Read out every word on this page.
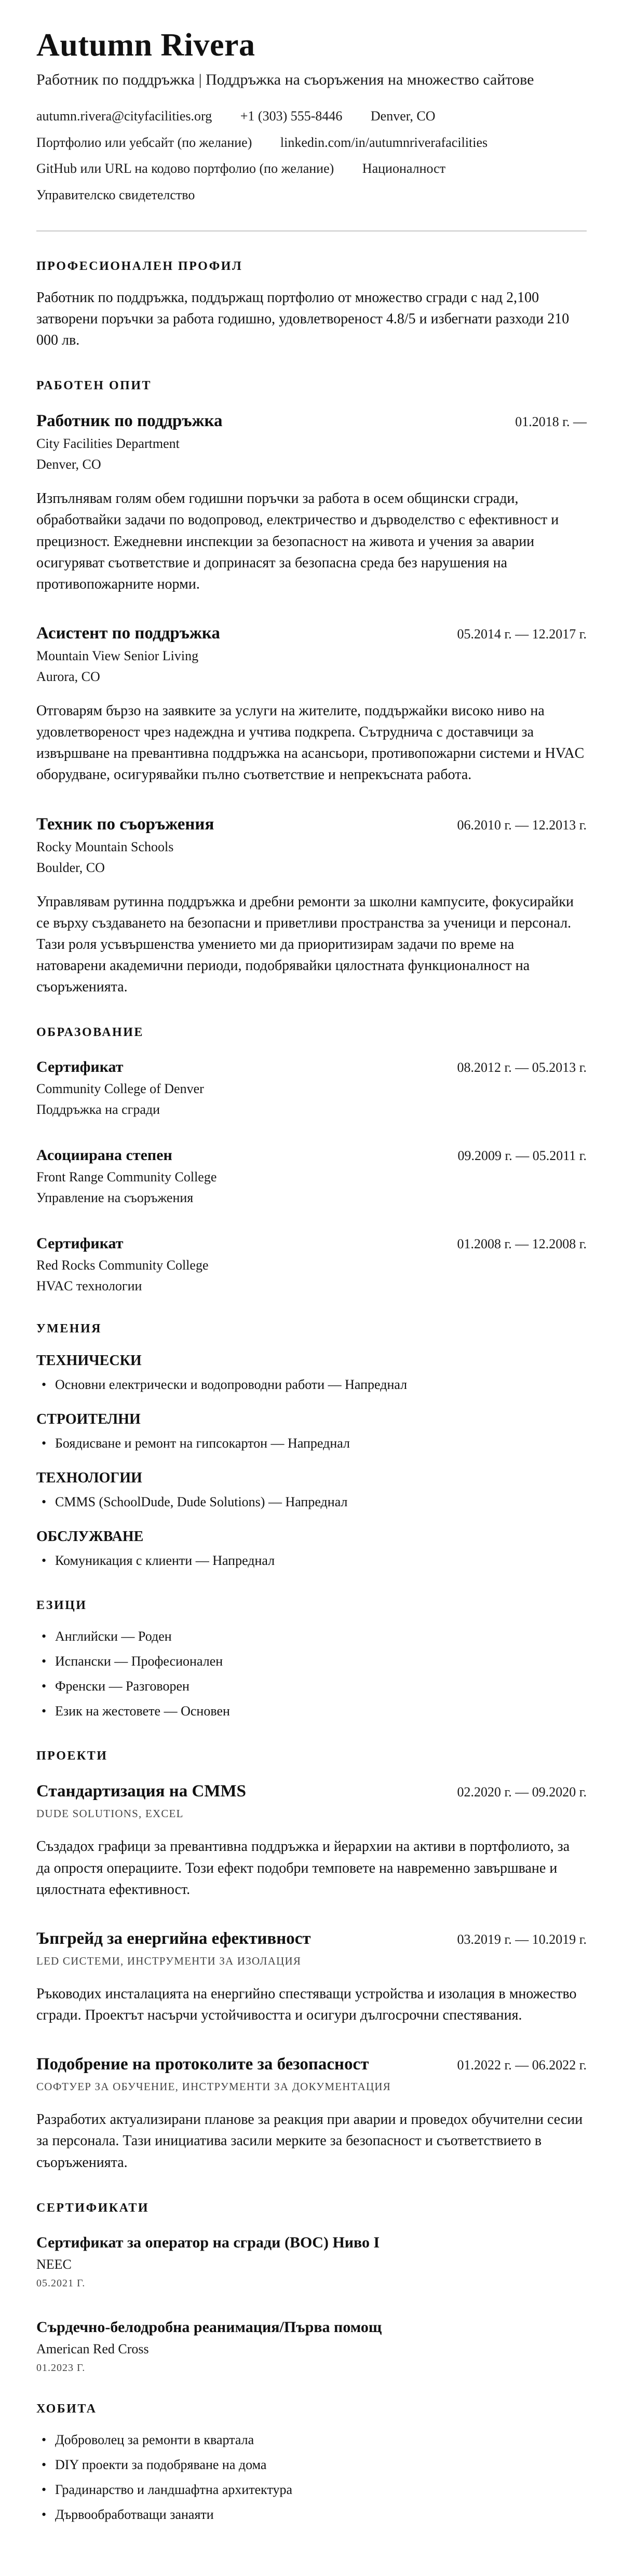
Autumn Rivera
Работник по поддръжка | Поддръжка на съоръжения на множество сайтове
autumn.rivera@cityfacilities.org +1 (303) 555-8446 Denver, CO
Портфолио или уебсайт (по желание) linkedin.com/in/autumnriverafacilities
GitHub или URL на кодово портфолио (по желание) Националност
Управителско свидетелство
ПРОФЕСИОНАЛЕН ПРОФИЛ

Работник по поддръжка, поддържащ портфолио от множество сгради с над 2,100 затворени поръчки за работа годишно, удовлетвореност 4.8/5 и избегнати разходи 210 000 лв.

РАБОТЕН ОПИТ
Работник по поддръжка	01.2018 г. —
City Facilities Department
Denver, CO

Изпълнявам голям обем годишни поръчки за работа в осем общински сгради, обработвайки задачи по водопровод, електричество и дърводелство с ефективност и прецизност. Ежедневни инспекции за безопасност на живота и учения за аварии осигуряват съответствие и допринасят за безопасна среда без нарушения на противопожарните норми.

Асистент по поддръжка	05.2014 г. — 12.2017 г.
Mountain View Senior Living
Aurora, CO

Отговарям бързо на заявките за услуги на жителите, поддържайки високо ниво на удовлетвореност чрез надеждна и учтива подкрепа. Сътруднича с доставчици за извършване на превантивна поддръжка на асансьори, противопожарни системи и HVAC оборудване, осигурявайки пълно съответствие и непрекъсната работа.

Техник по съоръжения	06.2010 г. — 12.2013 г.
Rocky Mountain Schools
Boulder, CO

Управлявам рутинна поддръжка и дребни ремонти за школни кампусите, фокусирайки се върху създаването на безопасни и приветливи пространства за ученици и персонал. Тази роля усъвършенства умението ми да приоритизирам задачи по време на натоварени академични периоди, подобрявайки цялостната функционалност на съоръженията.

ОБРАЗОВАНИЕ
Сертификат	08.2012 г. — 05.2013 г.
Community College of Denver
Поддръжка на сгради
Асоциирана степен	09.2009 г. — 05.2011 г.
Front Range Community College
Управление на съоръжения
Сертификат	01.2008 г. — 12.2008 г.
Red Rocks Community College
HVAC технологии
УМЕНИЯ
ТЕХНИЧЕСКИ
• Основни електрически и водопроводни работи — Напреднал
СТРОИТЕЛНИ
• Боядисване и ремонт на гипсокартон — Напреднал
ТЕХНОЛОГИИ
• CMMS (SchoolDude, Dude Solutions) — Напреднал
ОБСЛУЖВАНЕ
• Комуникация с клиенти — Напреднал
ЕЗИЦИ
• Английски — Роден
• Испански — Професионален
• Френски — Разговорен
• Език на жестовете — Основен
ПРОЕКТИ
Стандартизация на CMMS	02.2020 г. — 09.2020 г.
DUDE SOLUTIONS, EXCEL

Създадох графици за превантивна поддръжка и йерархии на активи в портфолиото, за да опростя операциите. Този ефект подобри темповете на навременно завършване и цялостната ефективност.

Ъпгрейд за енергийна ефективност	03.2019 г. — 10.2019 г.
LED СИСТЕМИ, ИНСТРУМЕНТИ ЗА ИЗОЛАЦИЯ

Ръководих инсталацията на енергийно спестяващи устройства и изолация в множество сгради. Проектът насърчи устойчивостта и осигури дългосрочни спестявания.

Подобрение на протоколите за безопасност	01.2022 г. — 06.2022 г.
СОФТУЕР ЗА ОБУЧЕНИЕ, ИНСТРУМЕНТИ ЗА ДОКУМЕНТАЦИЯ

Разработих актуализирани планове за реакция при аварии и проведох обучителни сесии за персонала. Тази инициатива засили мерките за безопасност и съответствието в съоръженията.

СЕРТИФИКАТИ
Сертификат за оператор на сгради (BOC) Ниво I
NEEC
05.2021 Г.
Сърдечно-белодробна реанимация/Първа помощ
American Red Cross
01.2023 Г.
ХОБИТА
• Доброволец за ремонти в квартала
• DIY проекти за подобряване на дома
• Градинарство и ландшафтна архитектура
• Дървообработващи занаяти
